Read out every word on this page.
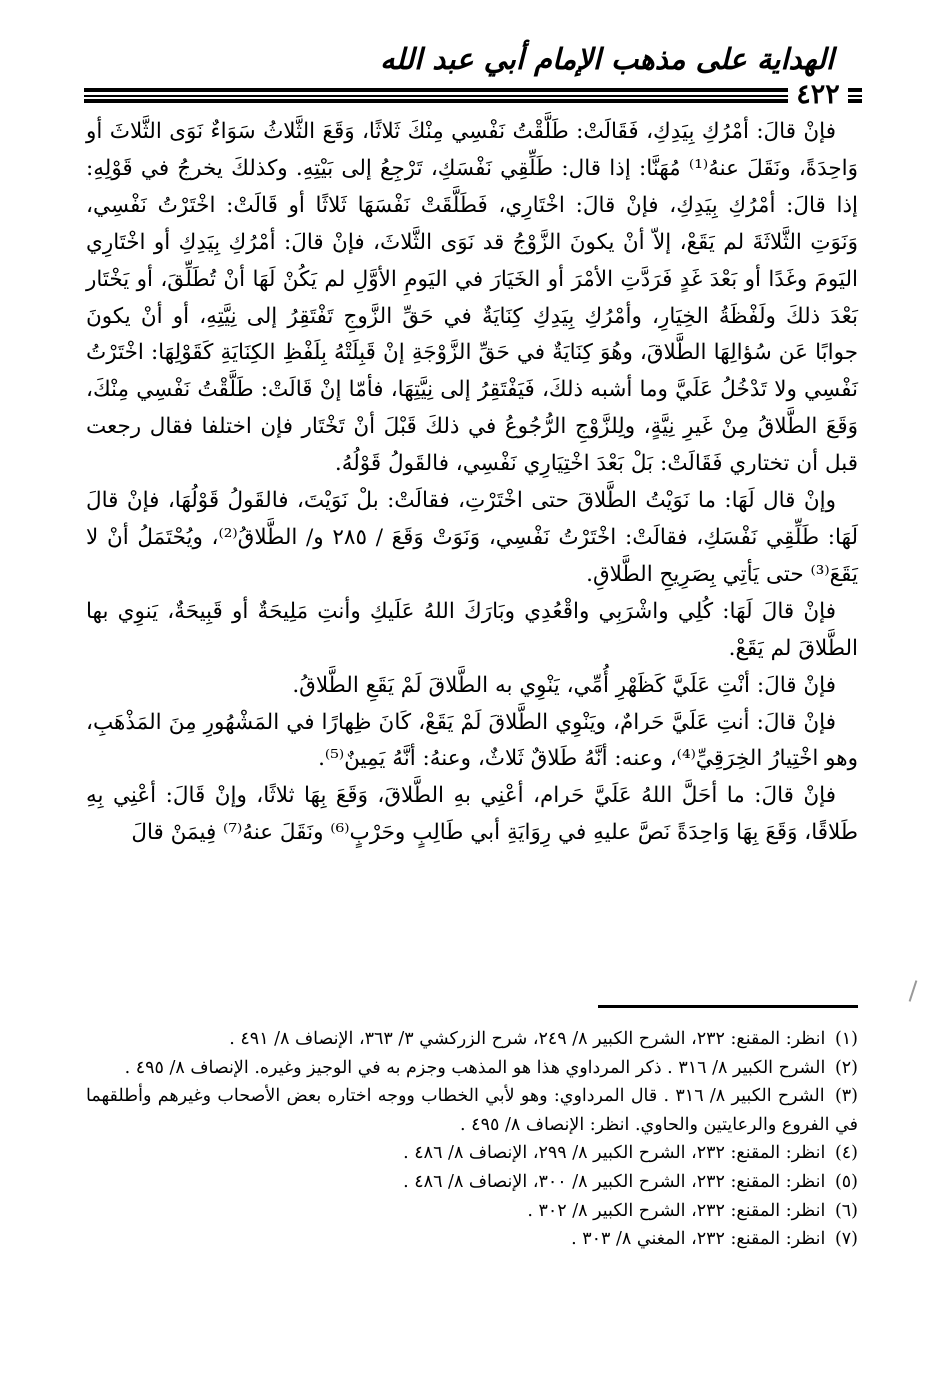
الهداية على مذهب الإمام أبي عبد الله
٤٢٢

فإنْ قالَ: أمْرُكِ بِيَدِكِ، فَقَالَتْ: طَلَّقْتُ نَفْسِي مِنْكَ ثَلاثًا، وَقَعَ الثَّلاثُ سَوَاءٌ نَوَى الثَّلاثَ أو وَاحِدَةً، ونَقَلَ عنهُ⁽¹⁾ مُهَنَّا: إذا قال: طَلِّقِي نَفْسَكِ، تَرْجِعُ إلى بَيْتِهِ. وكذلكَ يخرجُ في قَوْلِهِ: إذا قالَ: أمْرُكِ بِيَدِكِ، فإنْ قالَ: اخْتَارِي، فَطَلَّقَتْ نَفْسَهَا ثَلاثًا أو قَالَتْ: اخْتَرْتُ نَفْسِي، وَنَوَتِ الثَّلاثَةَ لم يَقَعْ، إلاّ أنْ يكونَ الزَّوْجُ قد نَوَى الثَّلاثَ، فإنْ قالَ: أمْرُكِ بِيَدِكِ أو اخْتَارِي اليَومَ وغَدًا أو بَعْدَ غَدٍ فَرَدَّتِ الأمْرَ أو الخَيَارَ في اليَومِ الأوَّلِ لم يَكُنْ لَهَا أنْ تُطَلِّقَ، أو يَخْتَار بَعْدَ ذلكَ ولَفْظَةُ الخِيَارِ، وأمْرُكِ بِيَدِكِ كِنَايَةٌ في حَقِّ الزَّوجِ تَفْتَقِرُ إلى نِيَّتِهِ، أو أنْ يكونَ جوابًا عَن سُؤالِهَا الطَّلاقَ، وهُوَ كِنَايَةٌ في حَقِّ الزَّوْجَةِ إنْ قَبِلَتْهُ بِلَفْظِ الكِنَايَةِ كَقَوْلِهَا: اخْتَرْتُ نَفْسِي ولا تَدْخُلُ عَلَيَّ وما أشبه ذلكَ، فَيَفْتَقِرُ إلى نِيَّتِهَا، فأمّا إنْ قَالَتْ: طَلَّقْتُ نَفْسِي مِنْكَ، وَقَعَ الطَّلاقُ مِنْ غَيرِ نِيَّةٍ، ولِلزَّوْجِ الرُّجُوعُ في ذلكَ قَبْلَ أنْ تَخْتَار فإن اختلفا فقال رجعت قبل أن تختاري فَقَالَتْ: بَلْ بَعْدَ اخْتِيَارِي نَفْسِي، فالقَولُ قَوْلُهُ.

وإنْ قال لَهَا: ما نَوَيْتُ الطَّلاقَ حتى اخْتَرْتِ، فقالَتْ: بلْ نَوَيْتَ، فالقَولُ قَوْلُهَا، فإنْ قالَ لَهَا: طَلِّقِي نَفْسَكِ، فقالَتْ: اخْتَرْتُ نَفْسِي، وَنَوَتْ وَقَعَ / ٢٨٥ و/ الطَّلاقُ⁽²⁾، ويُحْتَمَلُ أنْ لا يَقَعَ⁽³⁾ حتى يَأتِي بِصَرِيحِ الطَّلاقِ.

فإنْ قالَ لَهَا: كُلِي واشْرَبِي واقْعُدِي وبَارَكَ اللهُ عَلَيكِ وأنتِ مَلِيحَةٌ أو قَبِيحَةٌ، يَنوِي بها الطَّلاقَ لم يَقَعْ.

فإنْ قالَ: أنْتِ عَلَيَّ كَظَهْرِ أُمِّي، يَنْوِي به الطَّلاقَ لَمْ يَقَعِ الطَّلاقُ.

فإنْ قالَ: أنتِ عَلَيَّ حَرامٌ، ويَنْوِي الطَّلاقَ لَمْ يَقَعْ، كَانَ ظِهارًا في المَشْهُورِ مِنَ المَذْهَبِ، وهو اخْتِيارُ الخِرَقِيِّ⁽⁴⁾، وعنه: أنَّهُ طَلاقٌ ثَلاثٌ، وعنهُ: أنَّهُ يَمِينٌ⁽⁵⁾.

فإنْ قالَ: ما أحَلَّ اللهُ عَلَيَّ حَرام، أعْنِي بهِ الطَّلاقَ، وَقَعَ بِهَا ثلاثًا، وإنْ قَالَ: أعْنِي بِهِ طَلاقًا، وَقَعَ بِهَا وَاحِدَةً نَصَّ عليهِ في رِوَايَةِ أبي طَالِبٍ وحَرْبٍ⁽⁶⁾ ونَقَلَ عنهُ⁽⁷⁾ فِيمَنْ قالَ

(١) انظر: المقنع: ٢٣٢، الشرح الكبير ٨/ ٢٤٩، شرح الزركشي ٣/ ٣٦٣، الإنصاف ٨/ ٤٩١ .

(٢) الشرح الكبير ٨/ ٣١٦ . ذكر المرداوي هذا هو المذهب وجزم به في الوجيز وغيره. الإنصاف ٨/ ٤٩٥ .

(٣) الشرح الكبير ٨/ ٣١٦ . قال المرداوي: وهو لأبي الخطاب ووجه اختاره بعض الأصحاب وغيرهم وأطلقهما في الفروع والرعايتين والحاوي. انظر: الإنصاف ٨/ ٤٩٥ .

(٤) انظر: المقنع: ٢٣٢، الشرح الكبير ٨/ ٢٩٩، الإنصاف ٨/ ٤٨٦ .

(٥) انظر: المقنع: ٢٣٢، الشرح الكبير ٨/ ٣٠٠، الإنصاف ٨/ ٤٨٦ .

(٦) انظر: المقنع: ٢٣٢، الشرح الكبير ٨/ ٣٠٢ .

(٧) انظر: المقنع: ٢٣٢، المغني ٨/ ٣٠٣ .
